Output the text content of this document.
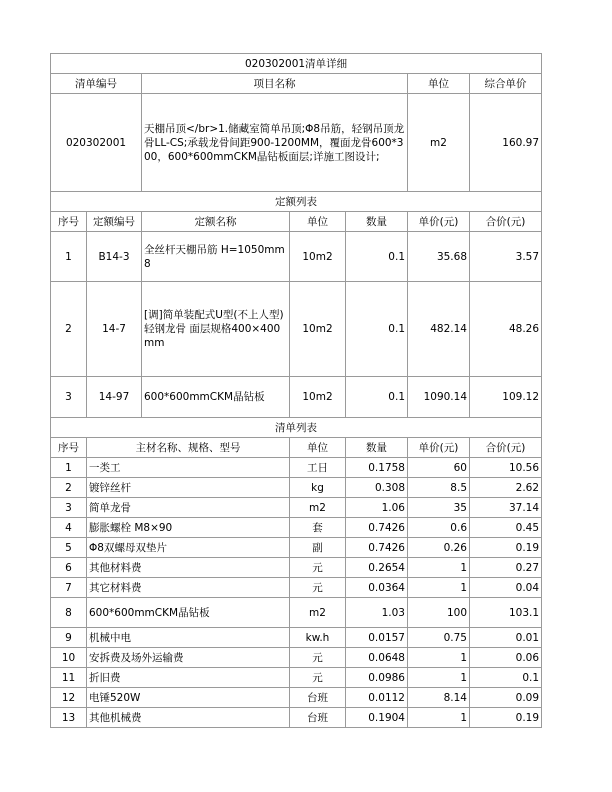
020302001清单详细						
清单编号		项目名称			单位	综合单价
020302001		天棚吊顶</br>1.储藏室简单吊顶;Φ8吊筋，轻钢吊顶龙骨LL-CS;承载龙骨间距900-1200MM，覆面龙骨600*300，600*600mmCKM晶钻板面层;详施工图设计;			m2	160.97
定额列表						
序号	定额编号	定额名称	单位	数量	单价(元)	合价(元)
1	B14-3	全丝杆天棚吊筋 H=1050mm 8	10m2	0.1	35.68	3.57
2	14-7	[调]简单装配式U型(不上人型)轻钢龙骨 面层规格400×400mm	10m2	0.1	482.14	48.26
3	14-97	600*600mmCKM晶钻板	10m2	0.1	1090.14	109.12
清单列表						
序号	主材名称、规格、型号		单位	数量	单价(元)	合价(元)
1	一类工		工日	0.1758	60	10.56
2	镀锌丝杆		kg	0.308	8.5	2.62
3	简单龙骨		m2	1.06	35	37.14
4	膨胀螺栓 M8×90		套	0.7426	0.6	0.45
5	Φ8双螺母双垫片		副	0.7426	0.26	0.19
6	其他材料费		元	0.2654	1	0.27
7	其它材料费		元	0.0364	1	0.04
8	600*600mmCKM晶钻板		m2	1.03	100	103.1
9	机械中电		kw.h	0.0157	0.75	0.01
10	安拆费及场外运输费		元	0.0648	1	0.06
11	折旧费		元	0.0986	1	0.1
12	电锤520W		台班	0.0112	8.14	0.09
13	其他机械费		台班	0.1904	1	0.19
